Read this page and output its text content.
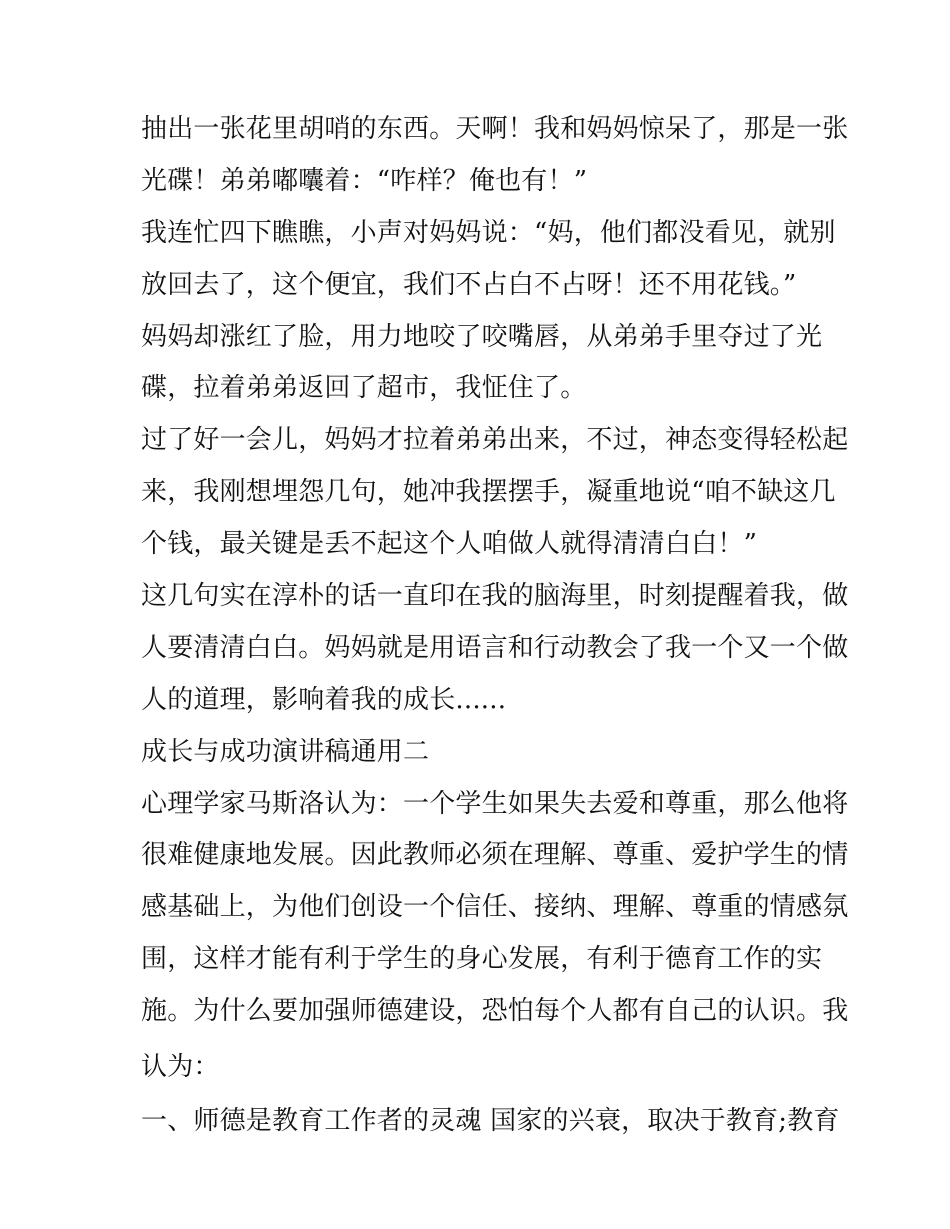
抽出一张花里胡哨的东西。天啊！我和妈妈惊呆了，那是一张
光碟！弟弟嘟囔着：“咋样？俺也有！”
我连忙四下瞧瞧，小声对妈妈说：“妈，他们都没看见，就别
放回去了，这个便宜，我们不占白不占呀！还不用花钱。”
妈妈却涨红了脸，用力地咬了咬嘴唇，从弟弟手里夺过了光
碟，拉着弟弟返回了超市，我怔住了。
过了好一会儿，妈妈才拉着弟弟出来，不过，神态变得轻松起
来，我刚想埋怨几句，她冲我摆摆手，凝重地说“咱不缺这几
个钱，最关键是丢不起这个人咱做人就得清清白白！”
这几句实在淳朴的话一直印在我的脑海里，时刻提醒着我，做
人要清清白白。妈妈就是用语言和行动教会了我一个又一个做
人的道理，影响着我的成长......
成长与成功演讲稿通用二
心理学家马斯洛认为：一个学生如果失去爱和尊重，那么他将
很难健康地发展。因此教师必须在理解、尊重、爱护学生的情
感基础上，为他们创设一个信任、接纳、理解、尊重的情感氛
围，这样才能有利于学生的身心发展，有利于德育工作的实
施。为什么要加强师德建设，恐怕每个人都有自己的认识。我
认为：
一、师德是教育工作者的灵魂 国家的兴衰，取决于教育;教育
